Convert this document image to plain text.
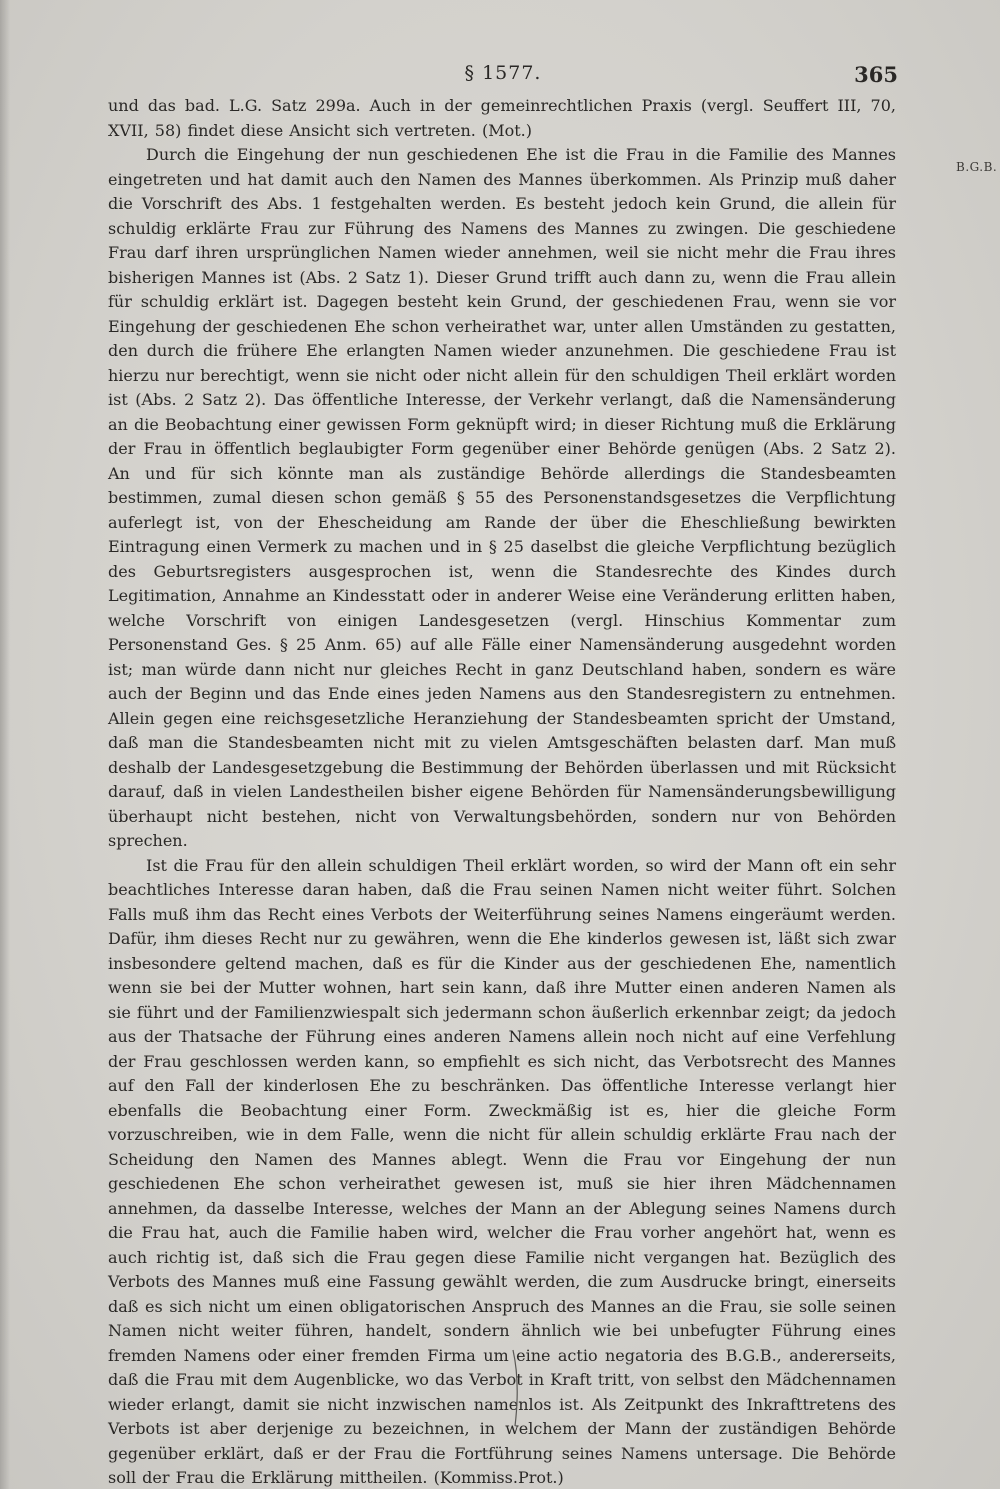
§ 1577.	365
B.G.B.

und das bad. L.G. Satz 299a. Auch in der gemeinrechtlichen Praxis (vergl. Seuffert III, 70, XVII, 58) findet diese Ansicht sich vertreten. (Mot.)

Durch die Eingehung der nun geschiedenen Ehe ist die Frau in die Familie des Mannes eingetreten und hat damit auch den Namen des Mannes überkommen. Als Prinzip muß daher die Vorschrift des Abs. 1 festgehalten werden. Es besteht jedoch kein Grund, die allein für schuldig erklärte Frau zur Führung des Namens des Mannes zu zwingen. Die geschiedene Frau darf ihren ursprünglichen Namen wieder annehmen, weil sie nicht mehr die Frau ihres bisherigen Mannes ist (Abs. 2 Satz 1). Dieser Grund trifft auch dann zu, wenn die Frau allein für schuldig erklärt ist. Dagegen besteht kein Grund, der geschiedenen Frau, wenn sie vor Eingehung der geschiedenen Ehe schon verheirathet war, unter allen Umständen zu gestatten, den durch die frühere Ehe erlangten Namen wieder anzunehmen. Die geschiedene Frau ist hierzu nur berechtigt, wenn sie nicht oder nicht allein für den schuldigen Theil erklärt worden ist (Abs. 2 Satz 2). Das öffentliche Interesse, der Verkehr verlangt, daß die Namensänderung an die Beobachtung einer gewissen Form geknüpft wird; in dieser Richtung muß die Erklärung der Frau in öffentlich beglaubigter Form gegenüber einer Behörde genügen (Abs. 2 Satz 2). An und für sich könnte man als zuständige Behörde allerdings die Standesbeamten bestimmen, zumal diesen schon gemäß § 55 des Personenstandsgesetzes die Verpflichtung auferlegt ist, von der Ehescheidung am Rande der über die Eheschließung bewirkten Eintragung einen Vermerk zu machen und in § 25 daselbst die gleiche Verpflichtung bezüglich des Geburtsregisters ausgesprochen ist, wenn die Standesrechte des Kindes durch Legitimation, Annahme an Kindesstatt oder in anderer Weise eine Veränderung erlitten haben, welche Vorschrift von einigen Landesgesetzen (vergl. Hinschius Kommentar zum Personenstand Ges. § 25 Anm. 65) auf alle Fälle einer Namensänderung ausgedehnt worden ist; man würde dann nicht nur gleiches Recht in ganz Deutschland haben, sondern es wäre auch der Beginn und das Ende eines jeden Namens aus den Standesregistern zu entnehmen. Allein gegen eine reichsgesetzliche Heranziehung der Standesbeamten spricht der Umstand, daß man die Standesbeamten nicht mit zu vielen Amtsgeschäften belasten darf. Man muß deshalb der Landesgesetzgebung die Bestimmung der Behörden überlassen und mit Rücksicht darauf, daß in vielen Landestheilen bisher eigene Behörden für Namensänderungsbewilligung überhaupt nicht bestehen, nicht von Verwaltungsbehörden, sondern nur von Behörden sprechen.

Ist die Frau für den allein schuldigen Theil erklärt worden, so wird der Mann oft ein sehr beachtliches Interesse daran haben, daß die Frau seinen Namen nicht weiter führt. Solchen Falls muß ihm das Recht eines Verbots der Weiterführung seines Namens eingeräumt werden. Dafür, ihm dieses Recht nur zu gewähren, wenn die Ehe kinderlos gewesen ist, läßt sich zwar insbesondere geltend machen, daß es für die Kinder aus der geschiedenen Ehe, namentlich wenn sie bei der Mutter wohnen, hart sein kann, daß ihre Mutter einen anderen Namen als sie führt und der Familienzwiespalt sich jedermann schon äußerlich erkennbar zeigt; da jedoch aus der Thatsache der Führung eines anderen Namens allein noch nicht auf eine Verfehlung der Frau geschlossen werden kann, so empfiehlt es sich nicht, das Verbotsrecht des Mannes auf den Fall der kinderlosen Ehe zu beschränken. Das öffentliche Interesse verlangt hier ebenfalls die Beobachtung einer Form. Zweckmäßig ist es, hier die gleiche Form vorzuschreiben, wie in dem Falle, wenn die nicht für allein schuldig erklärte Frau nach der Scheidung den Namen des Mannes ablegt. Wenn die Frau vor Eingehung der nun geschiedenen Ehe schon verheirathet gewesen ist, muß sie hier ihren Mädchennamen annehmen, da dasselbe Interesse, welches der Mann an der Ablegung seines Namens durch die Frau hat, auch die Familie haben wird, welcher die Frau vorher angehört hat, wenn es auch richtig ist, daß sich die Frau gegen diese Familie nicht vergangen hat. Bezüglich des Verbots des Mannes muß eine Fassung gewählt werden, die zum Ausdrucke bringt, einerseits daß es sich nicht um einen obligatorischen Anspruch des Mannes an die Frau, sie solle seinen Namen nicht weiter führen, handelt, sondern ähnlich wie bei unbefugter Führung eines fremden Namens oder einer fremden Firma um eine actio negatoria des B.G.B., andererseits, daß die Frau mit dem Augenblicke, wo das Verbot in Kraft tritt, von selbst den Mädchennamen wieder erlangt, damit sie nicht inzwischen namenlos ist. Als Zeitpunkt des Inkrafttretens des Verbots ist aber derjenige zu bezeichnen, in welchem der Mann der zuständigen Behörde gegenüber erklärt, daß er der Frau die Fortführung seines Namens untersage. Die Behörde soll der Frau die Erklärung mittheilen. (Kommiss.Prot.)
